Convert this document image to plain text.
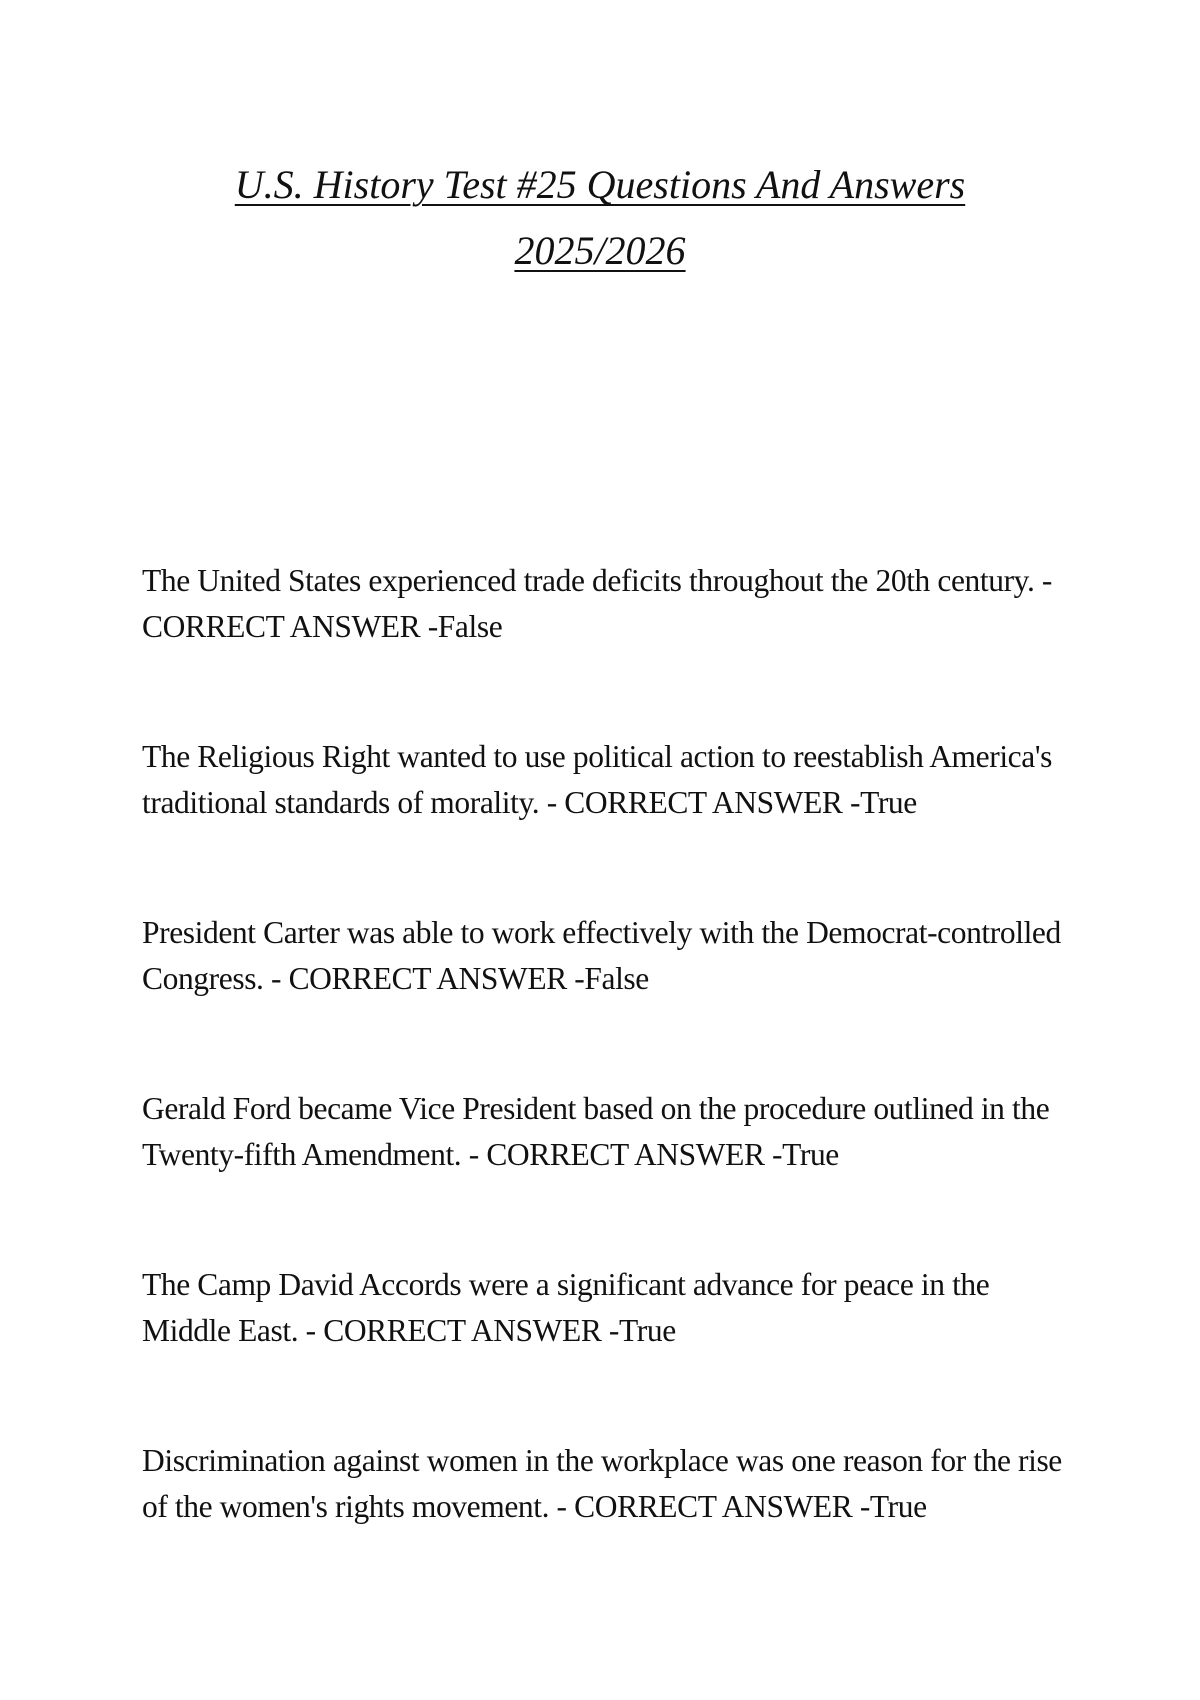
U.S. History Test #25 Questions And Answers
2025/2026
The United States experienced trade deficits throughout the 20th century. - CORRECT ANSWER -False
The Religious Right wanted to use political action to reestablish America's traditional standards of morality. - CORRECT ANSWER -True
President Carter was able to work effectively with the Democrat-controlled Congress. - CORRECT ANSWER -False
Gerald Ford became Vice President based on the procedure outlined in the Twenty-fifth Amendment. - CORRECT ANSWER -True
The Camp David Accords were a significant advance for peace in the Middle East. - CORRECT ANSWER -True
Discrimination against women in the workplace was one reason for the rise of the women's rights movement. - CORRECT ANSWER -True
